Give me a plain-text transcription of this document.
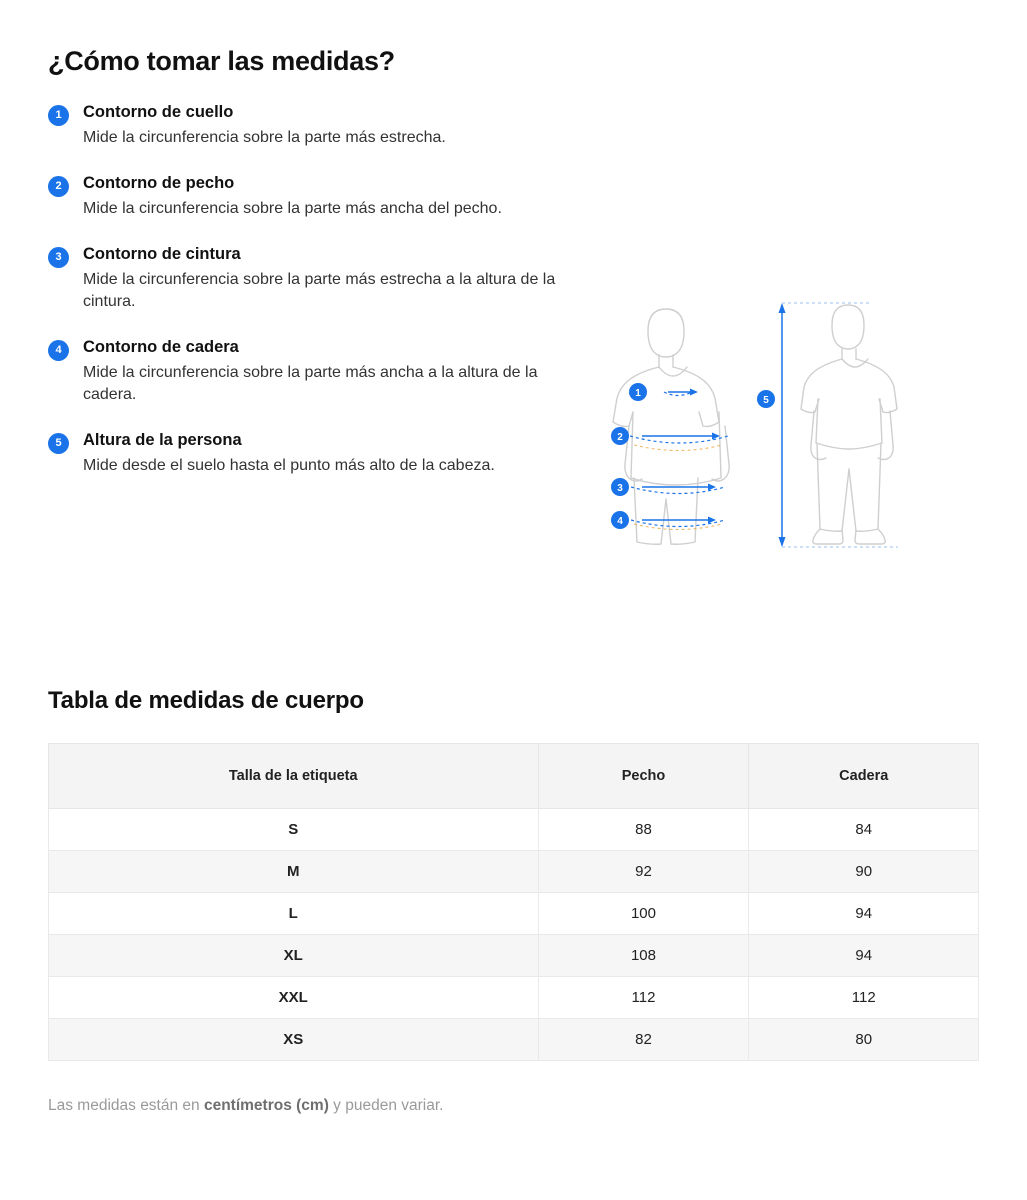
¿Cómo tomar las medidas?
1	Contorno de cuello
Mide la circunferencia sobre la parte más estrecha.
2	Contorno de pecho
Mide la circunferencia sobre la parte más ancha del pecho.
3	Contorno de cintura
Mide la circunferencia sobre la parte más estrecha a la altura de la cintura.
4	Contorno de cadera
Mide la circunferencia sobre la parte más ancha a la altura de la cadera.
5	Altura de la persona
Mide desde el suelo hasta el punto más alto de la cabeza.
1
2
3
4
5
Tabla de medidas de cuerpo
Talla de la etiqueta	Pecho	Cadera
S	88	84
M	92	90
L	100	94
XL	108	94
XXL	112	112
XS	82	80
Las medidas están en centímetros (cm) y pueden variar.
